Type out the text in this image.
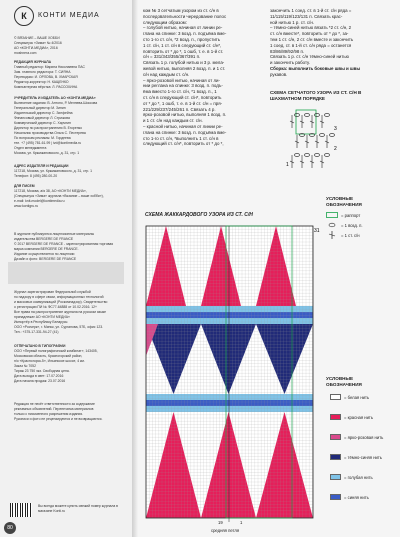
К	КОНТИ МЕДИА
© ВЯЗАНИЕ – ВАШЕ ХОББИ
Спецвыпуск «Зима» № 4/2016
АО «КОНТИ-МЕДИА», 2016
moshnera.com
РЕДАКЦИЯ ЖУРНАЛА
Главный редактор: Марина Николаевна ПАС
Зам. главного редактора: Т. СИЯНА
Переводчик: И. ОРЛОВА, В. ХМАРСКАЯ
Редактор-корректор: Н. КАЩЕНКО
Компьютерная вёрстка: Л. РАССОХИНА
УЧРЕДИТЕЛЬ И ИЗДАТЕЛЬ АО «КОНТИ-МЕДИА»
Вынесение издания: В. Антоно, Р. Мелнева-Шоксова
Генеральный директор М. Зинин
Издательский директор С. Зинфейна
Финансовый директор Л. Стрижова
Коммерческий директор С. Харчнин
Директор по распространению В. Егоренко
Начальник производства Ольга С. Пестерева
По вопросам рекламы: М. Гордеева
тел. +7 (495) 781-61-99 | ivd@kontimedia.ru
Отдел менеджмента
Москва, ул. Кржижановского, д. 31, стр. 1
АДРЕС ИЗДАТЕЛЯ И РЕДАКЦИИ
117218, Москва, ул. Кржижановского, д. 31, стр. 1
Телефон: 8 (495) 280-00-20
ДЛЯ ПИСЕМ
117218, Москва, а/я 38, АО «КОНТИ МЕДИА»,
(Спецвыпуск «Зима» журнала «Вязание – ваше хобби»),
e-mail: knit-model@kontimedia.ru
www.kontigru.ru
В журнале публикуются лицензионные материалы
издательства BERGERE DE FRANCE
© 2017 BERGERE DE FRANCE - зарегистрированная торговая
марка компании BERGERE DE FRANCE.
Издание осуществляется по лицензии
Дизайн и фото: BERGERE DE FRANCE
Журнал зарегистрирован Федеральной службой
по надзору в сфере связи, информационных технологий
и массовых коммуникаций (Роскомнадзор). Свидетельство
о регистрации ПИ № ФС77-64888 от 10.02.2016. 12+
Все права на распространение журнала на русском языке
принадлежат АО «КОНТИ МЕДИА»
Импортёр в Республику Беларусь:
ООО «Росчерк», г. Минск, ул. Сурганова, 57Б, офис 123.
Тел.: +375-17-331-94-27 (41)
ОТПЕЧАТАНО В ТИПОГРАФИИ
ООО «Первый полиграфический комбинат», 143405,
Московская область, Красногорский район,
п/о «Красногорск-5», Ильинское шоссе, 4 км.
Заказ № 7052
Тираж 23 750 экз. Свободная цена.
Дата выхода в свет: 17.07.2016
Дата начала продаж: 23.07.2016
Редакция не несёт ответственности за содержание
рекламных объявлений. Перепечатка материалов
только с письменного разрешения издания.
Рукописи и фото не рецензируются и не возвращаются.
Вы всегда можете купить свежий номер журнала в магазине Konti.ru
80

ком № 3 сетчатым узором из ст. с/н в

последовательности чередование полос

следующим образом:

– голубой нитью, начиная от линии ре-

глана на спинке: 3 возд. п. подъёма вме-

сто 1-го ст. с/н, *2 возд. п., пропустить

1 ст. с/н, 1 ст. с/н в следующий ст. с/н*,

повторить от * до *, 1 ошб, т. е. в 1-й ст.

с/н = 331/343/355/367/391 п.

Связать 1 р. голубой нитью и 3 р. мела-

жевой нитью, выполняя 2 возд. п. и 1 ст.

с/н над каждым ст. с/н.

– ярко-розовой нитью, начиная от ли-

нии реглана на спинке: 3 возд. п. подъ-

ёма вместо 1-го ст. с/н, *1 возд. п., 1

ст. с/н в следующий ст. с/н*, повторить

от * до *, 1 ошб, т. е. в 1-й ст. с/н = пря-

221/229/237/245/261 п. Связать 4 р.

ярко-розовой нитью, выполняя 1 возд. п.

и 1 ст. с/н над каждым ст. с/н.

– красной нитью, начиная от линии ре-

глана на спинке: 3 возд. п. подъёма вме-

сто 1-го ст. с/н, *выполнить 1 ст. с/н в

следующий ст. с/н*, повторить от * до *,

закончить 1 соед. ст. в 1-й ст. с/н ряда =

11/115/119/123/131 п. Связать крас-

ной нитью 1 р. ст. с/н.

– тёмно-синей нитью вязать *2 ст. с/н, 2

ст. с/н вместе*, повторить от * до *, за-

тем 1 ст. с/н, 2 ст. с/н вместе и закончить

1 соед. ст. в 1-й ст. с/н ряда = останется

83/86/89/92/98 п.

Связать 1 р. ст. с/н тёмно-синей нитью

и закончить работу.

Сборка: выполнить боковые швы и швы

рукавов.

СХЕМА СЕТЧАТОГО УЗОРА ИЗ СТ. С/Н В ШАХМАТНОМ ПОРЯДКЕ
3
2
1
УСЛОВНЫЕ ОБОЗНАЧЕНИЯ
= раппорт
= 1 возд. п.
= 1 ст. с/н
СХЕМА ЖАККАРДОВОГО УЗОРА ИЗ СТ. С/Н
31
УСЛОВНЫЕ ОБОЗНАЧЕНИЯ
= белая нить
= красная нить
= ярко-розовая нить
= тёмно-синяя нить
= голубая нить
= синяя нить
средняя петля
19	1
